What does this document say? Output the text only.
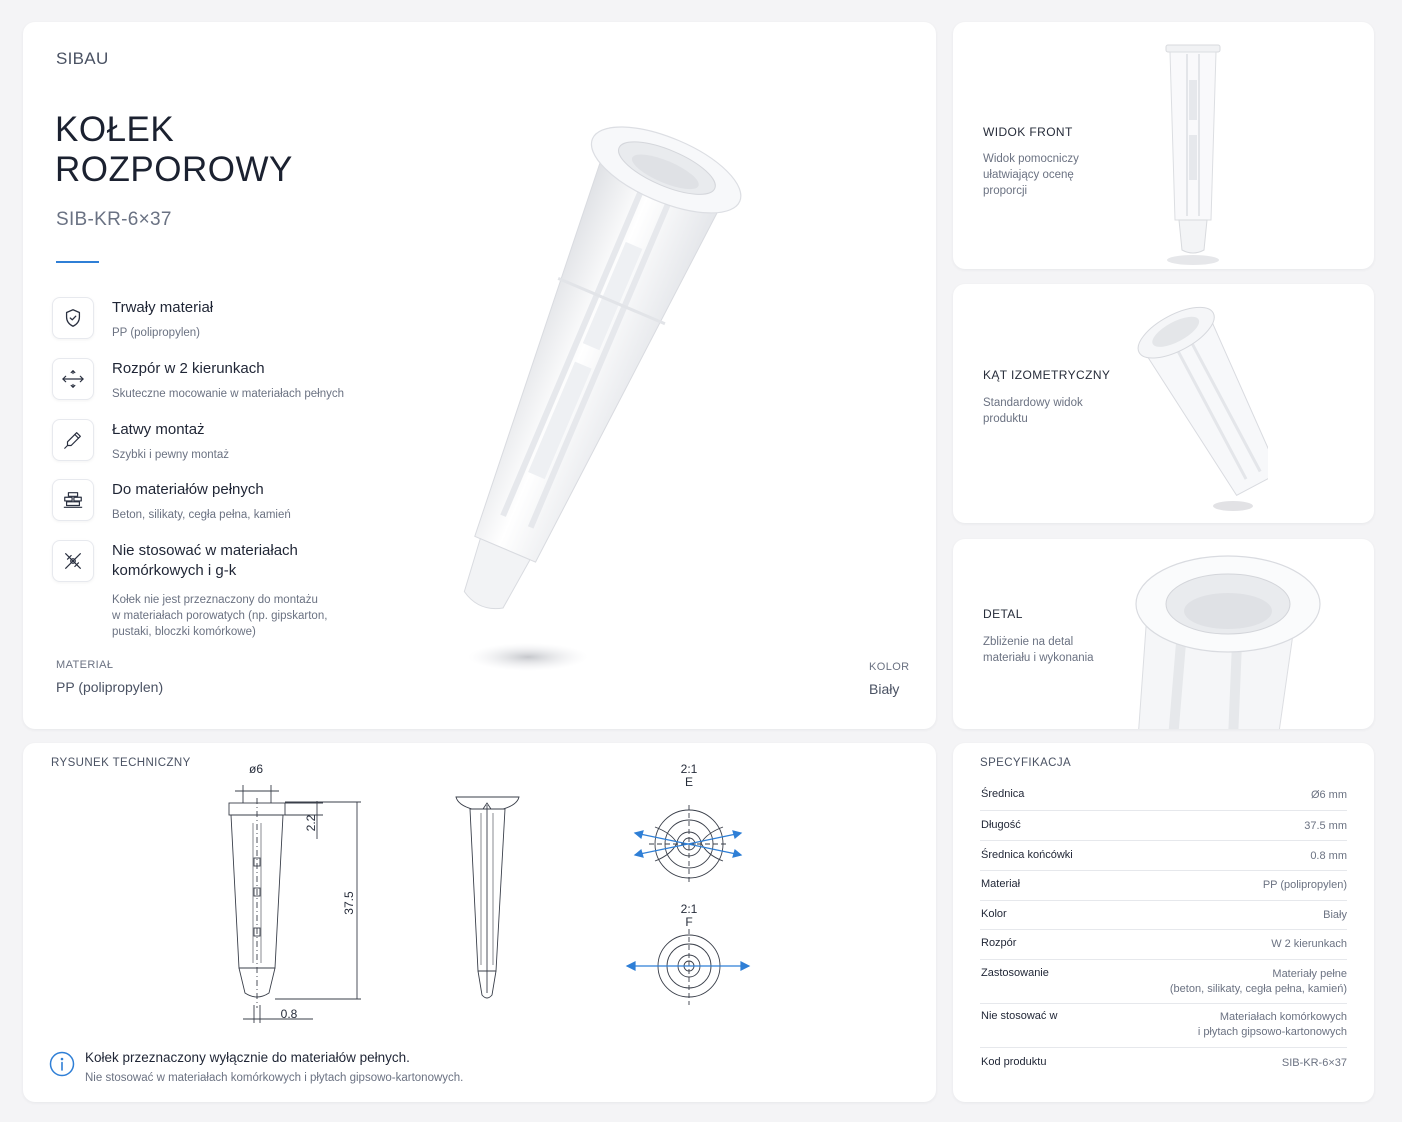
SIBAU
KOŁEK
ROZPOROWY
SIB-KR-6×37
Trwały materiał
PP (polipropylen)
Rozpór w 2 kierunkach
Skuteczne mocowanie w materiałach pełnych
Łatwy montaż
Szybki i pewny montaż
Do materiałów pełnych
Beton, silikaty, cegła pełna, kamień
Nie stosować w materiałach
komórkowych i g-k
Kołek nie jest przeznaczony do montażu
w materiałach porowatych (np. gipskarton,
pustaki, bloczki komórkowe)
MATERIAŁ
PP (polipropylen)
KOLOR
Biały
WIDOK FRONT
Widok pomocniczy
ułatwiający ocenę
proporcji
KĄT IZOMETRYCZNY
Standardowy widok
produktu
DETAL
Zbliżenie na detal
materiału i wykonania
RYSUNEK TECHNICZNY	ø6
2.2
37.5
0.8
2:1
E
2:1
F
Kołek przeznaczony wyłącznie do materiałów pełnych.
Nie stosować w materiałach komórkowych i płytach gipsowo-kartonowych.
SPECYFIKACJA
Średnica	Ø6 mm
Długość	37.5 mm
Średnica końcówki	0.8 mm
Materiał	PP (polipropylen)
Kolor	Biały
Rozpór	W 2 kierunkach
Zastosowanie	Materiały pełne
(beton, silikaty, cegła pełna, kamień)
Nie stosować w	Materiałach komórkowych
i płytach gipsowo-kartonowych
Kod produktu	SIB-KR-6×37
